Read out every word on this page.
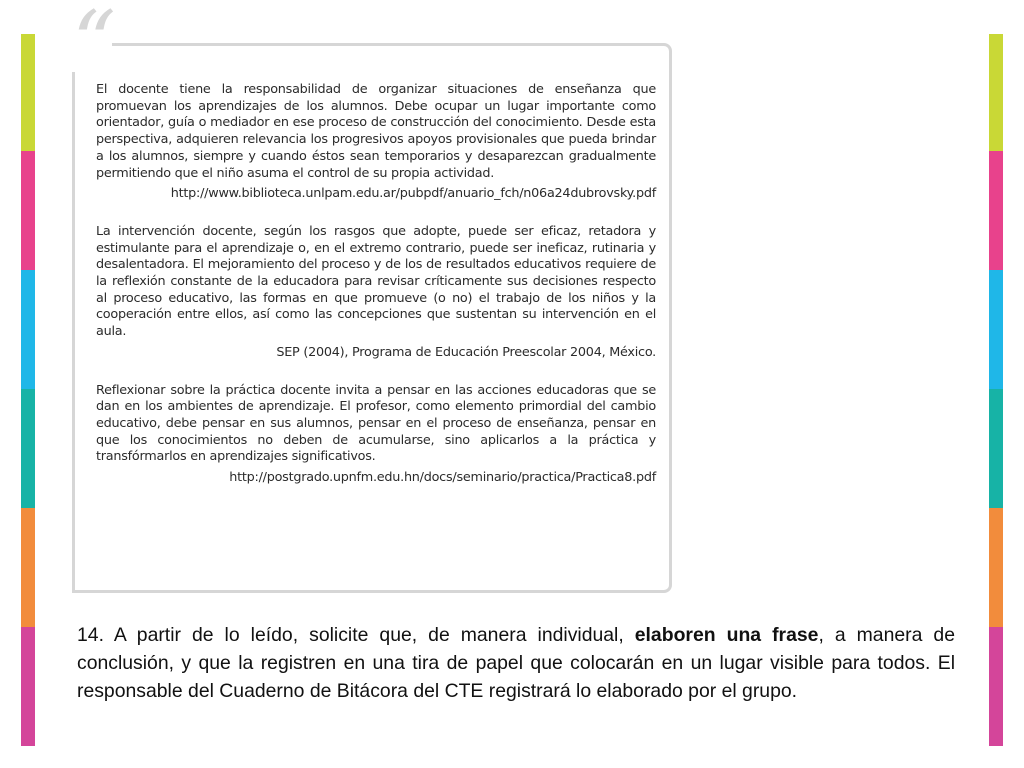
“

El docente tiene la responsabilidad de organizar situaciones de enseñanza que promuevan los aprendizajes de los alumnos. Debe ocupar un lugar importante como orientador, guía o mediador en ese proceso de construcción del conocimiento. Desde esta perspectiva, adquieren relevancia los progresivos apoyos provisionales que pueda brindar a los alumnos, siempre y cuando éstos sean temporarios y desaparezcan gradualmente permitiendo que el niño asuma el control de su propia actividad.

http://www.biblioteca.unlpam.edu.ar/pubpdf/anuario_fch/n06a24dubrovsky.pdf

La intervención docente, según los rasgos que adopte, puede ser eficaz, retadora y estimulante para el aprendizaje o, en el extremo contrario, puede ser ineficaz, rutinaria y desalentadora. El mejoramiento del proceso y de los de resultados educativos requiere de la reflexión constante de la educadora para revisar críticamente sus decisiones respecto al proceso educativo, las formas en que promueve (o no) el trabajo de los niños y la cooperación entre ellos, así como las concepciones que sustentan su intervención en el aula.

SEP (2004), Programa de Educación Preescolar 2004, México.

Reflexionar sobre la práctica docente invita a pensar en las acciones educadoras que se dan en los ambientes de aprendizaje. El profesor, como elemento primordial del cambio educativo, debe pensar en sus alumnos, pensar en el proceso de enseñanza, pensar en que los conocimientos no deben de acumularse, sino aplicarlos a la práctica y transfórmarlos en aprendizajes significativos.

http://postgrado.upnfm.edu.hn/docs/seminario/practica/Practica8.pdf

14. A partir de lo leído, solicite que, de manera individual, elaboren una frase, a manera de conclusión, y que la registren en una tira de papel que colocarán en un lugar visible para todos. El responsable del Cuaderno de Bitácora del CTE registrará lo elaborado por el grupo.
